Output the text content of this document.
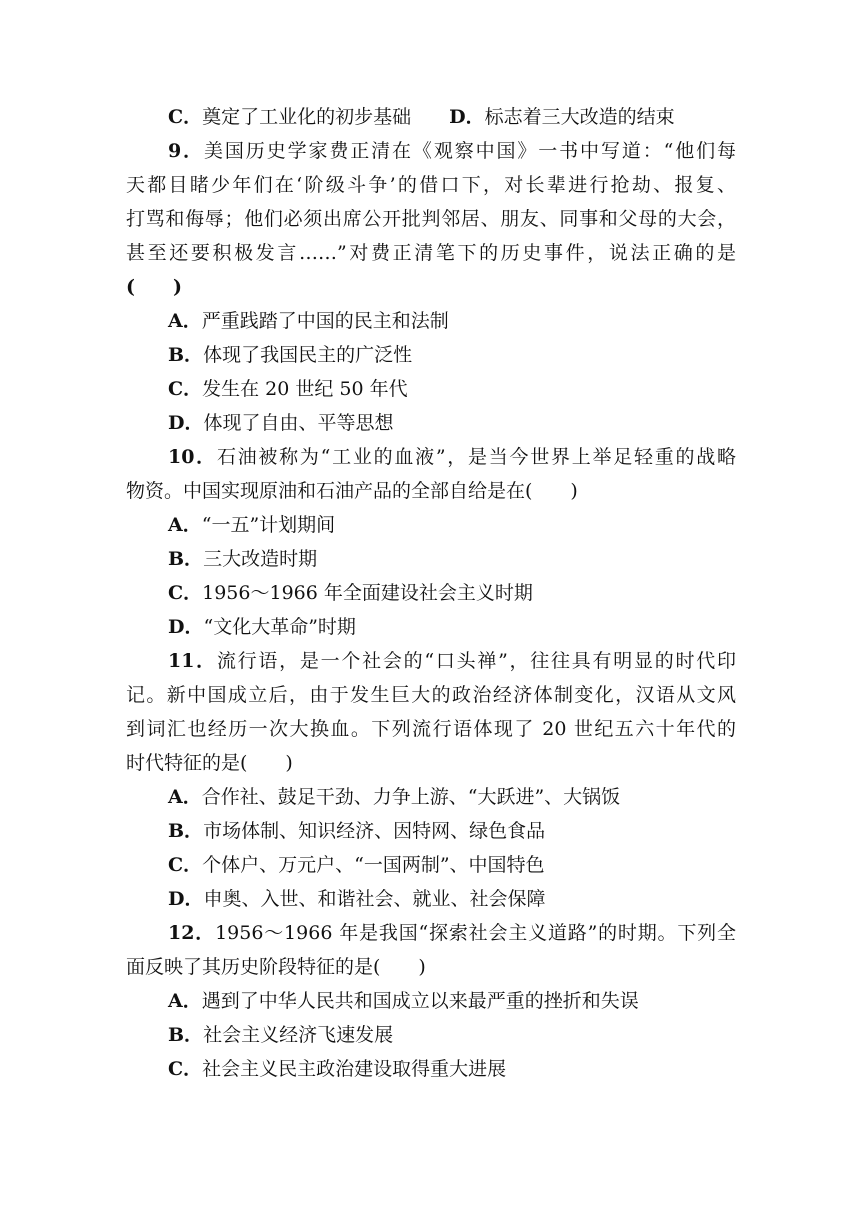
C．奠定了工业化的初步基础 D．标志着三大改造的结束
9．美国历史学家费正清在《观察中国》一书中写道：“他们每
天都目睹少年们在‘阶级斗争’的借口下，对长辈进行抢劫、报复、
打骂和侮辱；他们必须出席公开批判邻居、朋友、同事和父母的大会，
甚至还要积极发言……”对费正清笔下的历史事件，说法正确的是
(　　)
A．严重践踏了中国的民主和法制
B．体现了我国民主的广泛性
C．发生在 20 世纪 50 年代
D．体现了自由、平等思想
10．石油被称为“工业的血液”，是当今世界上举足轻重的战略
物资。中国实现原油和石油产品的全部自给是在(　　)
A．“一五”计划期间
B．三大改造时期
C．1956～1966 年全面建设社会主义时期
D．“文化大革命”时期
11．流行语，是一个社会的“口头禅”，往往具有明显的时代印
记。新中国成立后，由于发生巨大的政治经济体制变化，汉语从文风
到词汇也经历一次大换血。下列流行语体现了 20 世纪五六十年代的
时代特征的是(　　)
A．合作社、鼓足干劲、力争上游、“大跃进”、大锅饭
B．市场体制、知识经济、因特网、绿色食品
C．个体户、万元户、“一国两制”、中国特色
D．申奥、入世、和谐社会、就业、社会保障
12．1956～1966 年是我国“探索社会主义道路”的时期。下列全
面反映了其历史阶段特征的是(　　)
A．遇到了中华人民共和国成立以来最严重的挫折和失误
B．社会主义经济飞速发展
C．社会主义民主政治建设取得重大进展
